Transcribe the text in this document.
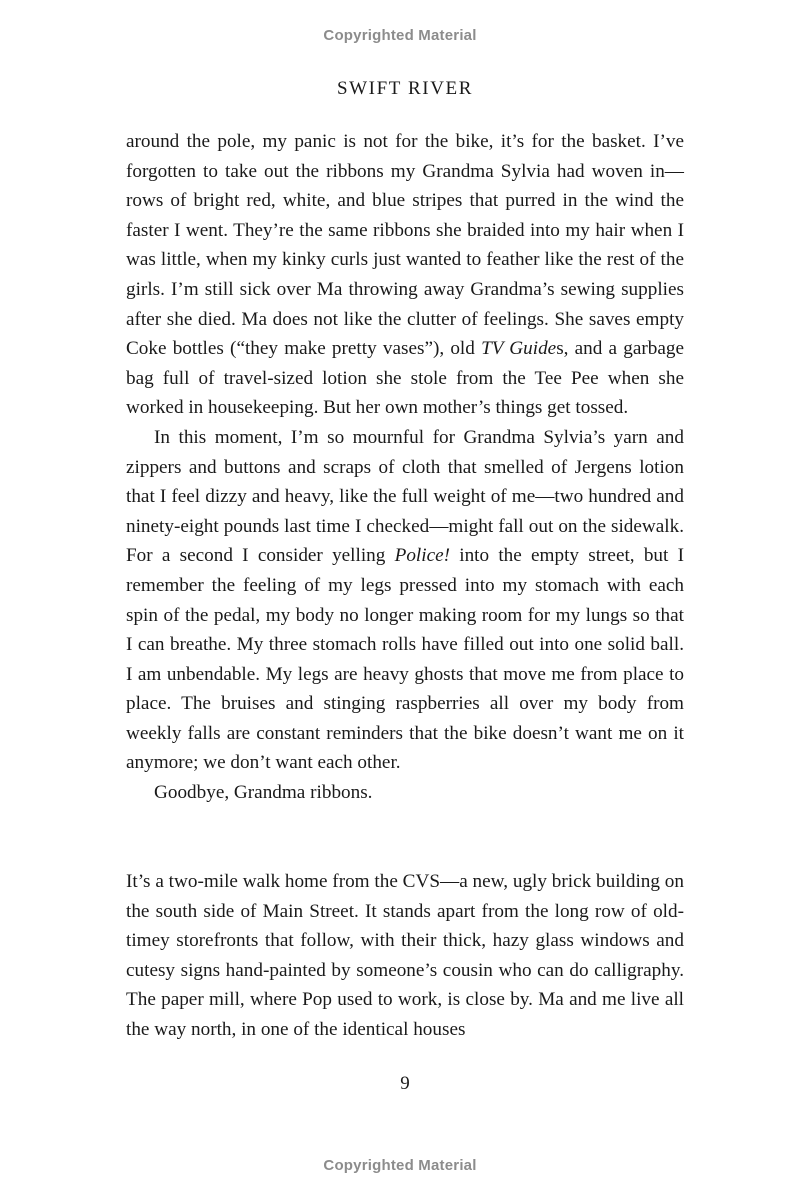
Copyrighted Material
SWIFT RIVER

around the pole, my panic is not for the bike, it’s for the basket. I’ve forgotten to take out the ribbons my Grandma Sylvia had woven in—rows of bright red, white, and blue stripes that purred in the wind the faster I went. They’re the same ribbons she braided into my hair when I was little, when my kinky curls just wanted to feather like the rest of the girls. I’m still sick over Ma throwing away Grandma’s sewing supplies after she died. Ma does not like the clutter of feelings. She saves empty Coke bottles (“they make pretty vases”), old TV Guides, and a garbage bag full of travel-sized lotion she stole from the Tee Pee when she worked in housekeeping. But her own mother’s things get tossed.

In this moment, I’m so mournful for Grandma Sylvia’s yarn and zippers and buttons and scraps of cloth that smelled of Jergens lotion that I feel dizzy and heavy, like the full weight of me—two hundred and ninety-eight pounds last time I checked—might fall out on the sidewalk. For a second I consider yelling Police! into the empty street, but I remember the feeling of my legs pressed into my stomach with each spin of the pedal, my body no longer making room for my lungs so that I can breathe. My three stomach rolls have filled out into one solid ball. I am unbendable. My legs are heavy ghosts that move me from place to place. The bruises and stinging raspberries all over my body from weekly falls are constant reminders that the bike doesn’t want me on it anymore; we don’t want each other.

Goodbye, Grandma ribbons.

It’s a two-mile walk home from the CVS—a new, ugly brick building on the south side of Main Street. It stands apart from the long row of old-timey storefronts that follow, with their thick, hazy glass windows and cutesy signs hand-painted by someone’s cousin who can do calligraphy. The paper mill, where Pop used to work, is close by. Ma and me live all the way north, in one of the identical houses

9
Copyrighted Material
